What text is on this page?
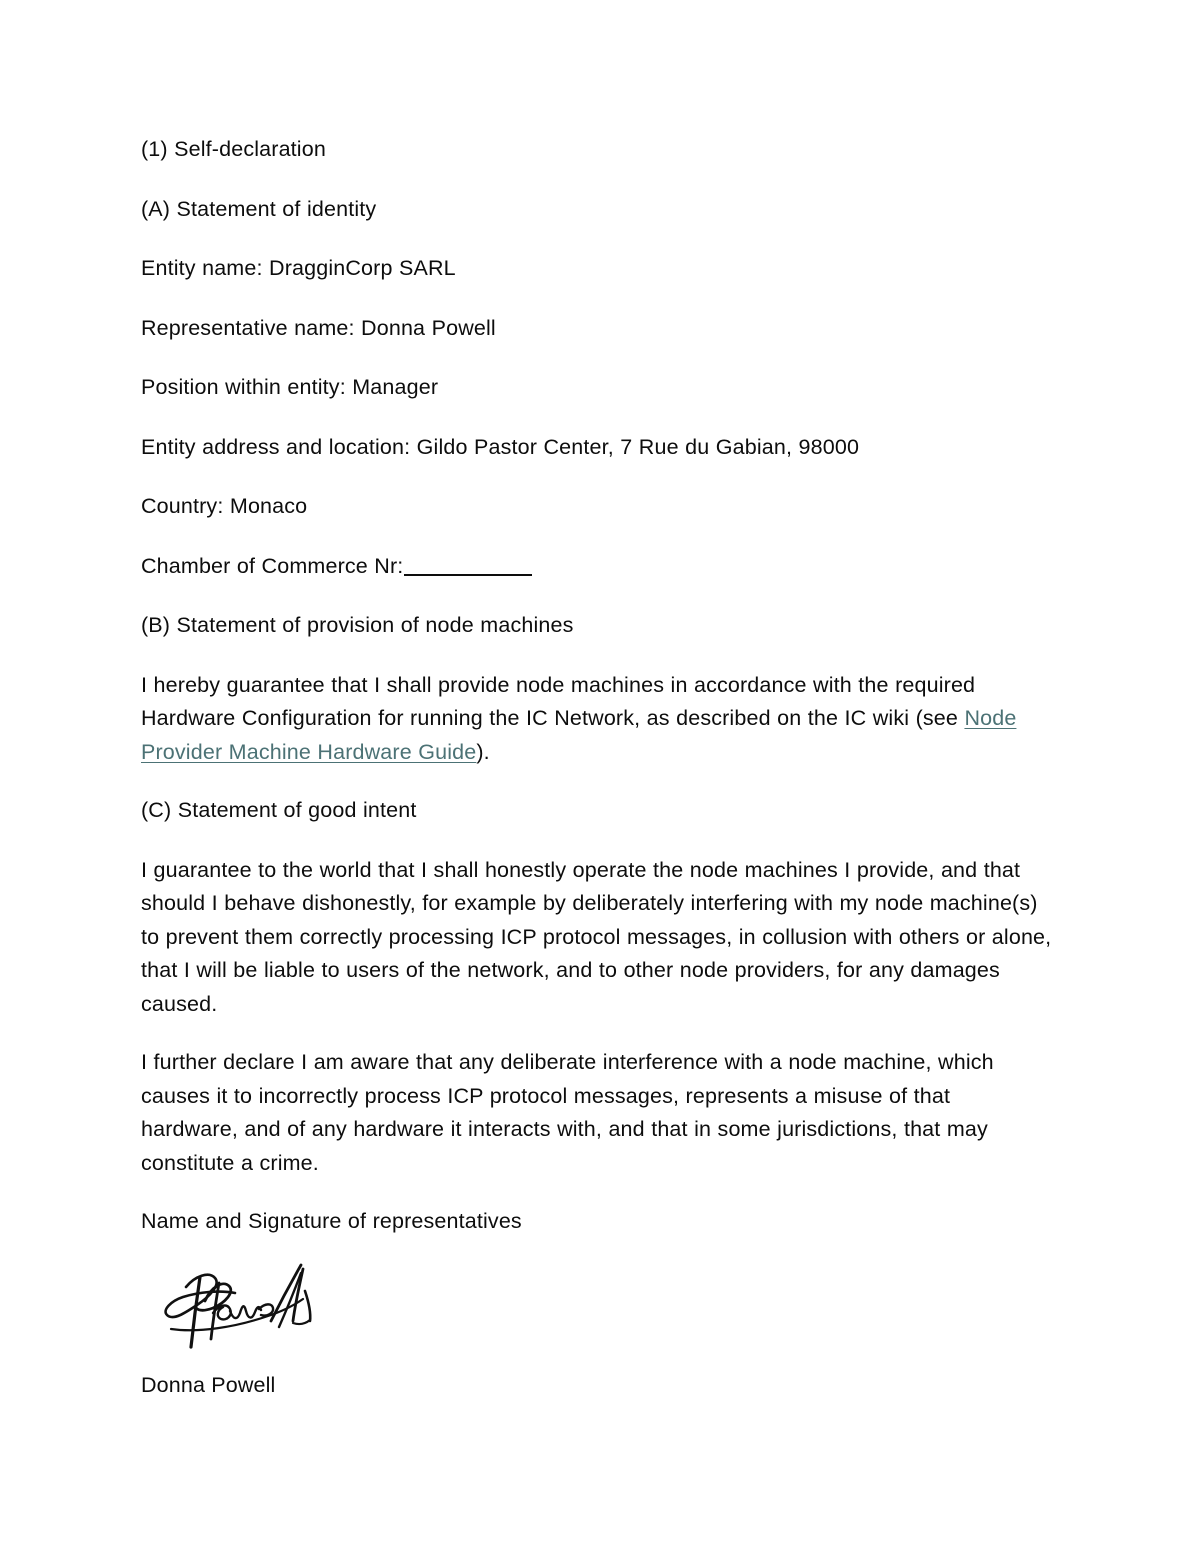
(1) Self-declaration

(A) Statement of identity

Entity name: DragginCorp SARL

Representative name: Donna Powell

Position within entity: Manager

Entity address and location: Gildo Pastor Center, 7 Rue du Gabian, 98000

Country: Monaco

Chamber of Commerce Nr:

(B) Statement of provision of node machines

I hereby guarantee that I shall provide node machines in accordance with the required Hardware Configuration for running the IC Network, as described on the IC wiki (see Node Provider Machine Hardware Guide).

(C) Statement of good intent

I guarantee to the world that I shall honestly operate the node machines I provide, and that should I behave dishonestly, for example by deliberately interfering with my node machine(s) to prevent them correctly processing ICP protocol messages, in collusion with others or alone, that I will be liable to users of the network, and to other node providers, for any damages caused.

I further declare I am aware that any deliberate interference with a node machine, which causes it to incorrectly process ICP protocol messages, represents a misuse of that hardware, and of any hardware it interacts with, and that in some jurisdictions, that may constitute a crime.

Name and Signature of representatives

Donna Powell
